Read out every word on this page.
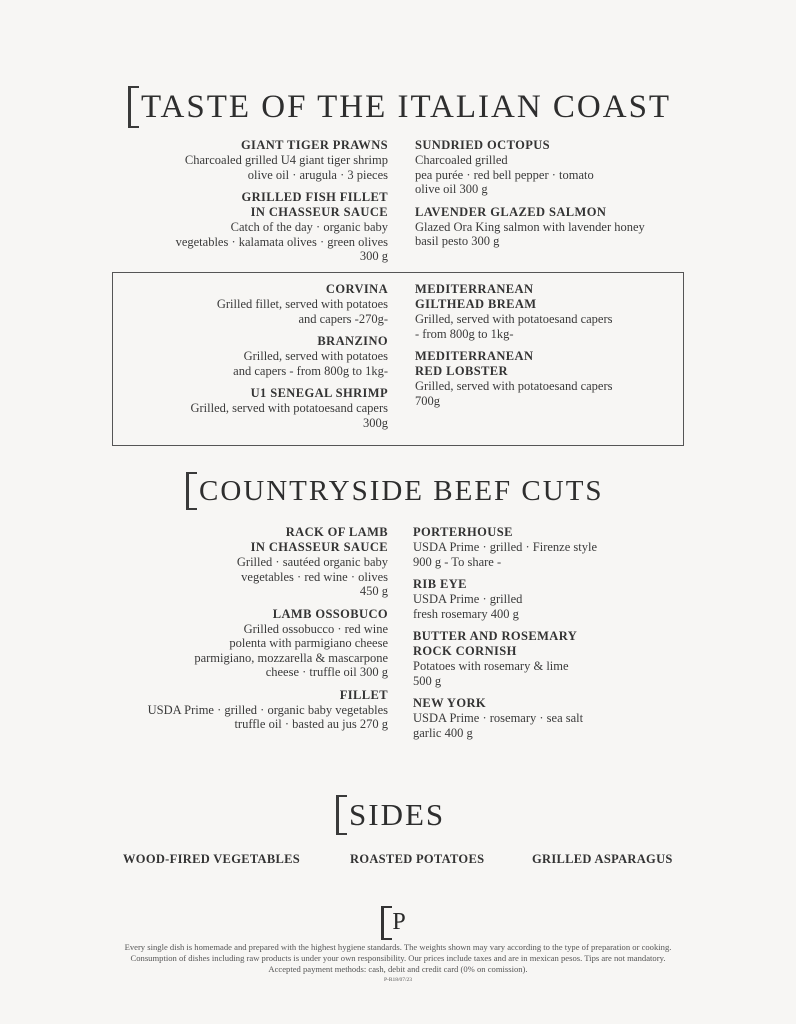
TASTE OF THE ITALIAN COAST
GIANT TIGER PRAWNS
Charcoaled grilled U4 giant tiger shrimp
olive oil · arugula · 3 pieces
GRILLED FISH FILLET
IN CHASSEUR SAUCE
Catch of the day · organic baby
vegetables · kalamata olives · green olives
300 g
SUNDRIED OCTOPUS
Charcoaled grilled
pea purée · red bell pepper · tomato
olive oil 300 g
LAVENDER GLAZED SALMON
Glazed Ora King salmon with lavender honey
basil pesto 300 g
CORVINA
Grilled fillet, served with potatoes
and capers -270g-
BRANZINO
Grilled, served with potatoes
and capers - from 800g to 1kg-
U1 SENEGAL SHRIMP
Grilled, served with potatoesand capers
300g
MEDITERRANEAN
GILTHEAD BREAM
Grilled, served with potatoesand capers
- from 800g to 1kg-
MEDITERRANEAN
RED LOBSTER
Grilled, served with potatoesand capers
700g
COUNTRYSIDE BEEF CUTS
RACK OF LAMB
IN CHASSEUR SAUCE
Grilled · sautéed organic baby
vegetables · red wine · olives
450 g
LAMB OSSOBUCO
Grilled ossobucco · red wine
polenta with parmigiano cheese
parmigiano, mozzarella & mascarpone
cheese · truffle oil 300 g
FILLET
USDA Prime · grilled · organic baby vegetables
truffle oil · basted au jus 270 g
PORTERHOUSE
USDA Prime · grilled · Firenze style
900 g - To share -
RIB EYE
USDA Prime · grilled
fresh rosemary 400 g
BUTTER AND ROSEMARY
ROCK CORNISH
Potatoes with rosemary & lime
500 g
NEW YORK
USDA Prime · rosemary · sea salt
garlic 400 g
SIDES
WOOD-FIRED VEGETABLES	ROASTED POTATOES	GRILLED ASPARAGUS
P
Every single dish is homemade and prepared with the highest hygiene standards. The weights shown may vary according to the type of preparation or cooking.
Consumption of dishes including raw products is under your own responsibility. Our prices include taxes and are in mexican pesos. Tips are not mandatory.
Accepted payment methods: cash, debit and credit card (0% on comission).
P-R18/07/23
